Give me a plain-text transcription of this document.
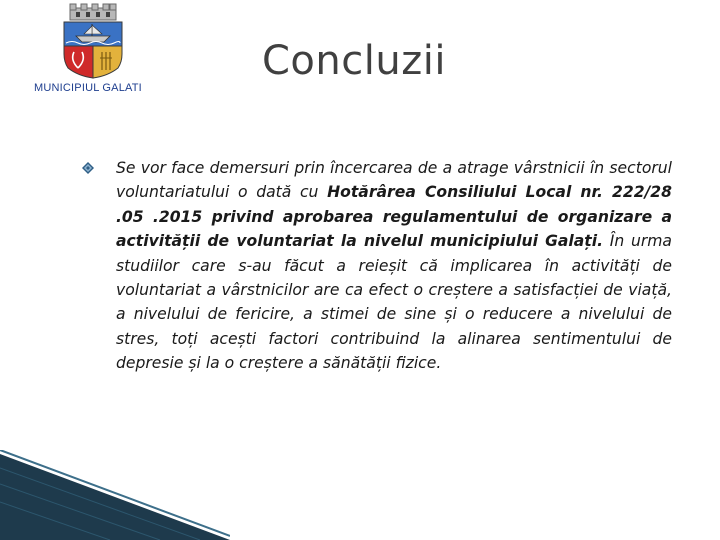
MUNICIPIUL GALATI
Concluzii

Se vor face demersuri prin încercarea de a atrage vârstnicii în sectorul voluntariatului o dată cu Hotărârea Consiliului Local nr. 222/28 .05 .2015 privind aprobarea regulamentului de organizare a activității de voluntariat la nivelul municipiului Galați. În urma studiilor care s-au făcut a reieșit că implicarea în activități de voluntariat a vârstnicilor are ca efect o creștere a satisfacției de viață, a nivelului de fericire, a stimei de sine și o reducere a nivelului de stres, toți acești factori contribuind la alinarea sentimentului de depresie și la o creștere a sănătății fizice.
